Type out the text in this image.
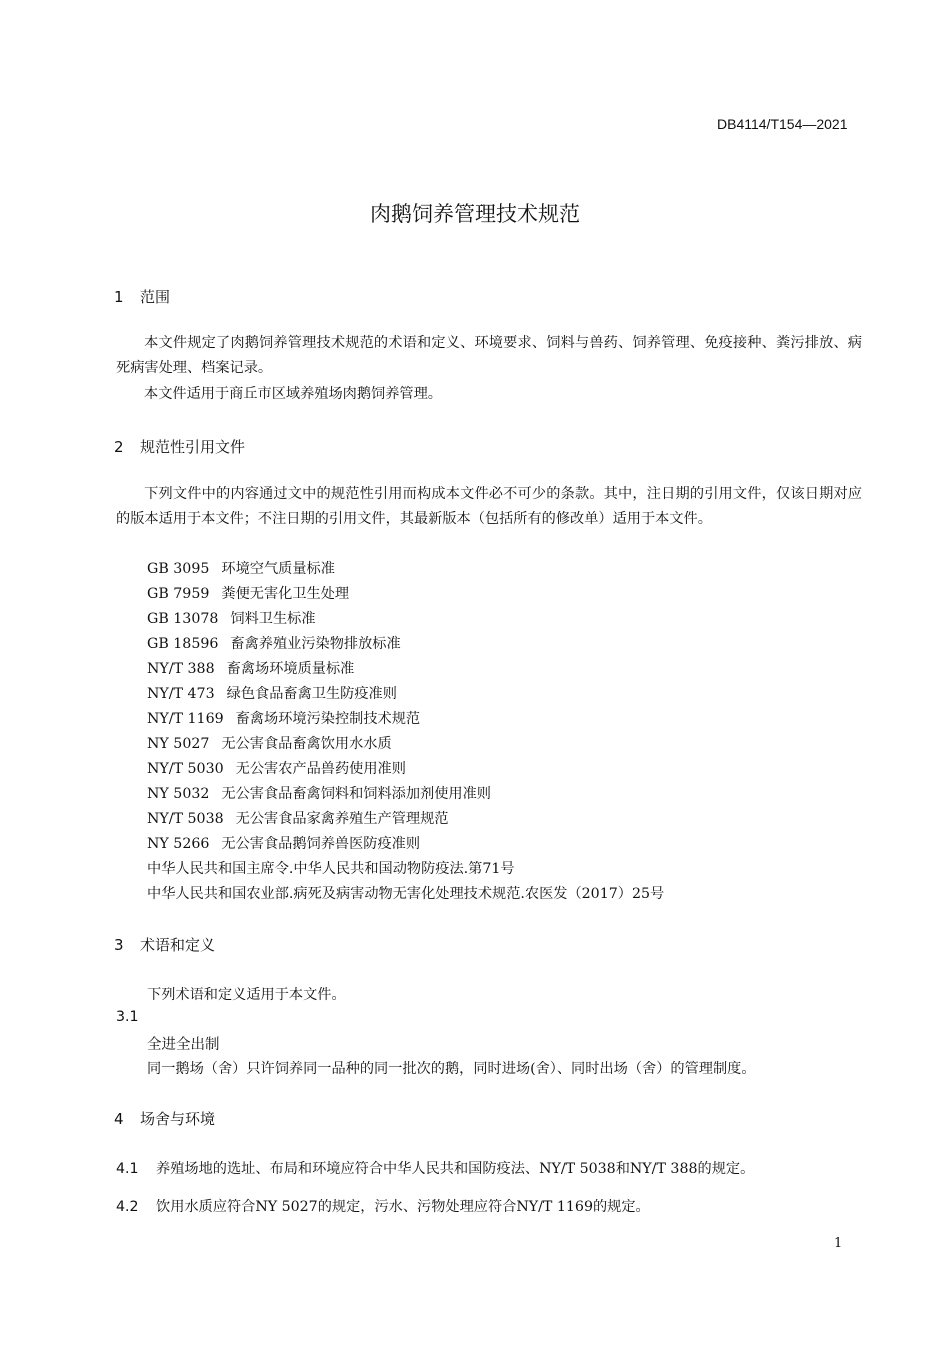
DB4114/T154—2021
肉鹅饲养管理技术规范
1 范围
本文件规定了肉鹅饲养管理技术规范的术语和定义、环境要求、饲料与兽药、饲养管理、免疫接种、粪污排放、病死病害处理、档案记录。
本文件适用于商丘市区域养殖场肉鹅饲养管理。
2 规范性引用文件
下列文件中的内容通过文中的规范性引用而构成本文件必不可少的条款。其中，注日期的引用文件，仅该日期对应的版本适用于本文件；不注日期的引用文件，其最新版本（包括所有的修改单）适用于本文件。
GB 3095 环境空气质量标准
GB 7959 粪便无害化卫生处理
GB 13078 饲料卫生标准
GB 18596 畜禽养殖业污染物排放标准
NY/T 388 畜禽场环境质量标准
NY/T 473 绿色食品畜禽卫生防疫准则
NY/T 1169 畜禽场环境污染控制技术规范
NY 5027 无公害食品畜禽饮用水水质
NY/T 5030 无公害农产品兽药使用准则
NY 5032 无公害食品畜禽饲料和饲料添加剂使用准则
NY/T 5038 无公害食品家禽养殖生产管理规范
NY 5266 无公害食品鹅饲养兽医防疫准则
中华人民共和国主席令.中华人民共和国动物防疫法.第71号
中华人民共和国农业部.病死及病害动物无害化处理技术规范.农医发（2017）25号
3 术语和定义
下列术语和定义适用于本文件。
3.1
全进全出制
同一鹅场（舍）只许饲养同一品种的同一批次的鹅，同时进场(舍）、同时出场（舍）的管理制度。
4 场舍与环境
4.1 养殖场地的选址、布局和环境应符合中华人民共和国防疫法、NY/T 5038和NY/T 388的规定。
4.2 饮用水质应符合NY 5027的规定，污水、污物处理应符合NY/T 1169的规定。
1
